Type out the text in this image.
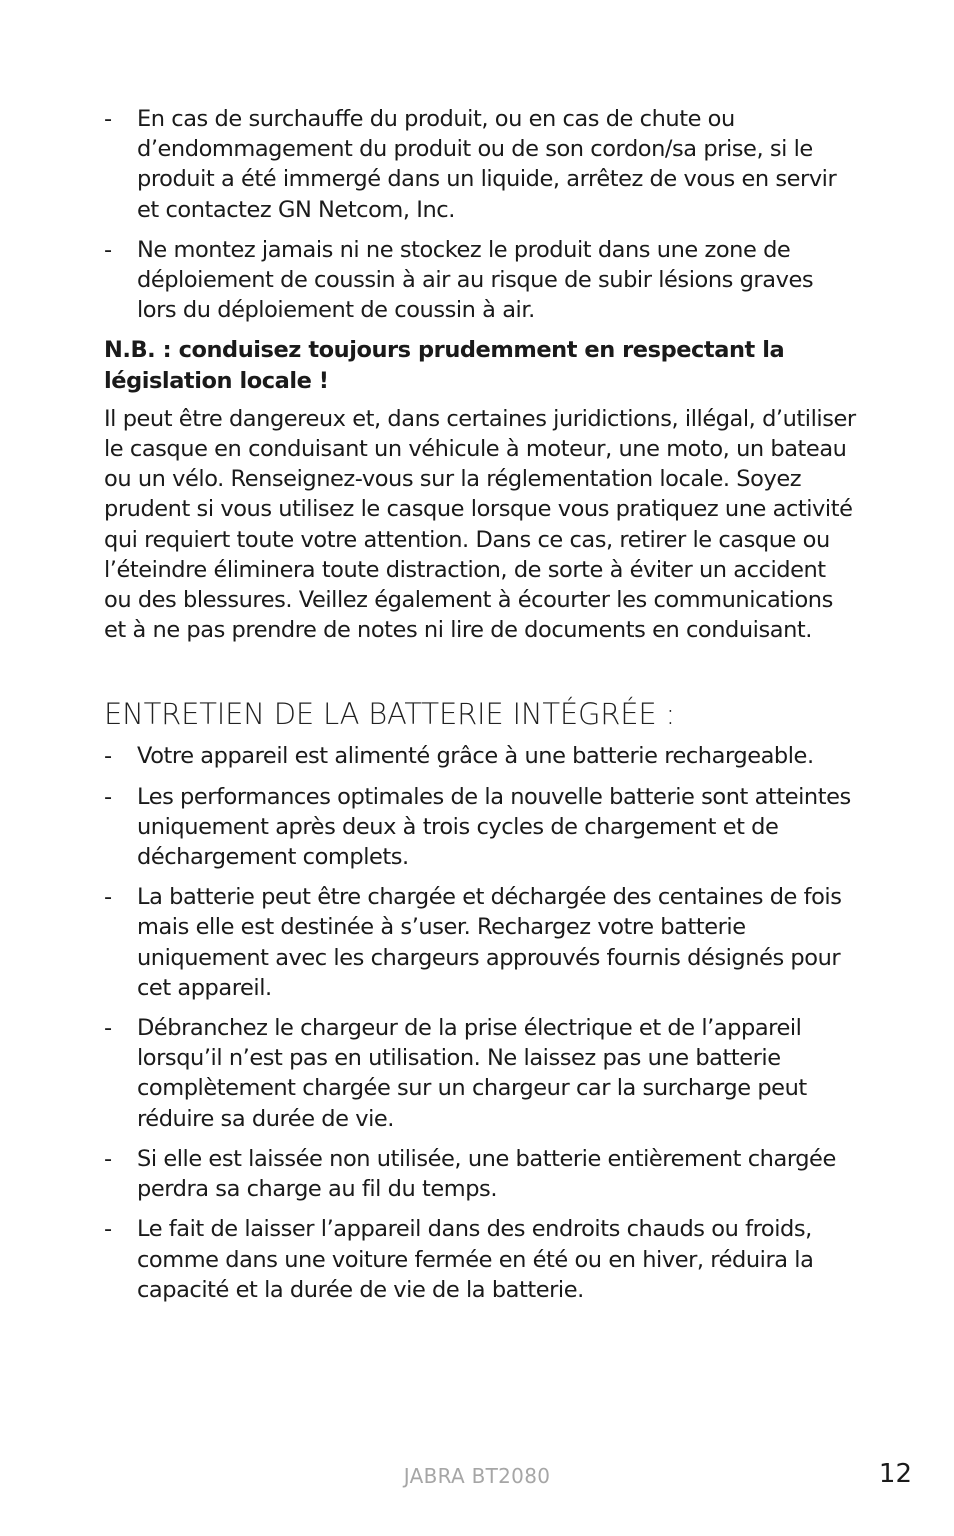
- En cas de surchauffe du produit, ou en cas de chute ou d’endommagement du produit ou de son cordon/sa prise, si le produit a été immergé dans un liquide, arrêtez de vous en servir et contactez GN Netcom, Inc.
- Ne montez jamais ni ne stockez le produit dans une zone de déploiement de coussin à air au risque de subir lésions graves lors du déploiement de coussin à air.

N.B. : conduisez toujours prudemment en respectant la législation locale !

Il peut être dangereux et, dans certaines juridictions, illégal, d’utiliser le casque en conduisant un véhicule à moteur, une moto, un bateau ou un vélo. Renseignez-vous sur la réglementation locale. Soyez prudent si vous utilisez le casque lorsque vous pratiquez une activité qui requiert toute votre attention. Dans ce cas, retirer le casque ou l’éteindre éliminera toute distraction, de sorte à éviter un accident ou des blessures. Veillez également à écourter les communications et à ne pas prendre de notes ni lire de documents en conduisant.

ENTRETIEN DE LA BATTERIE INTÉGRÉE :
- Votre appareil est alimenté grâce à une batterie rechargeable.
- Les performances optimales de la nouvelle batterie sont atteintes uniquement après deux à trois cycles de chargement et de déchargement complets.
- La batterie peut être chargée et déchargée des centaines de fois mais elle est destinée à s’user. Rechargez votre batterie uniquement avec les chargeurs approuvés fournis désignés pour cet appareil.
- Débranchez le chargeur de la prise électrique et de l’appareil lorsqu’il n’est pas en utilisation. Ne laissez pas une batterie complètement chargée sur un chargeur car la surcharge peut réduire sa durée de vie.
- Si elle est laissée non utilisée, une batterie entièrement chargée perdra sa charge au fil du temps.
- Le fait de laisser l’appareil dans des endroits chauds ou froids, comme dans une voiture fermée en été ou en hiver, réduira la capacité et la durée de vie de la batterie.
JABRA BT2080	12
